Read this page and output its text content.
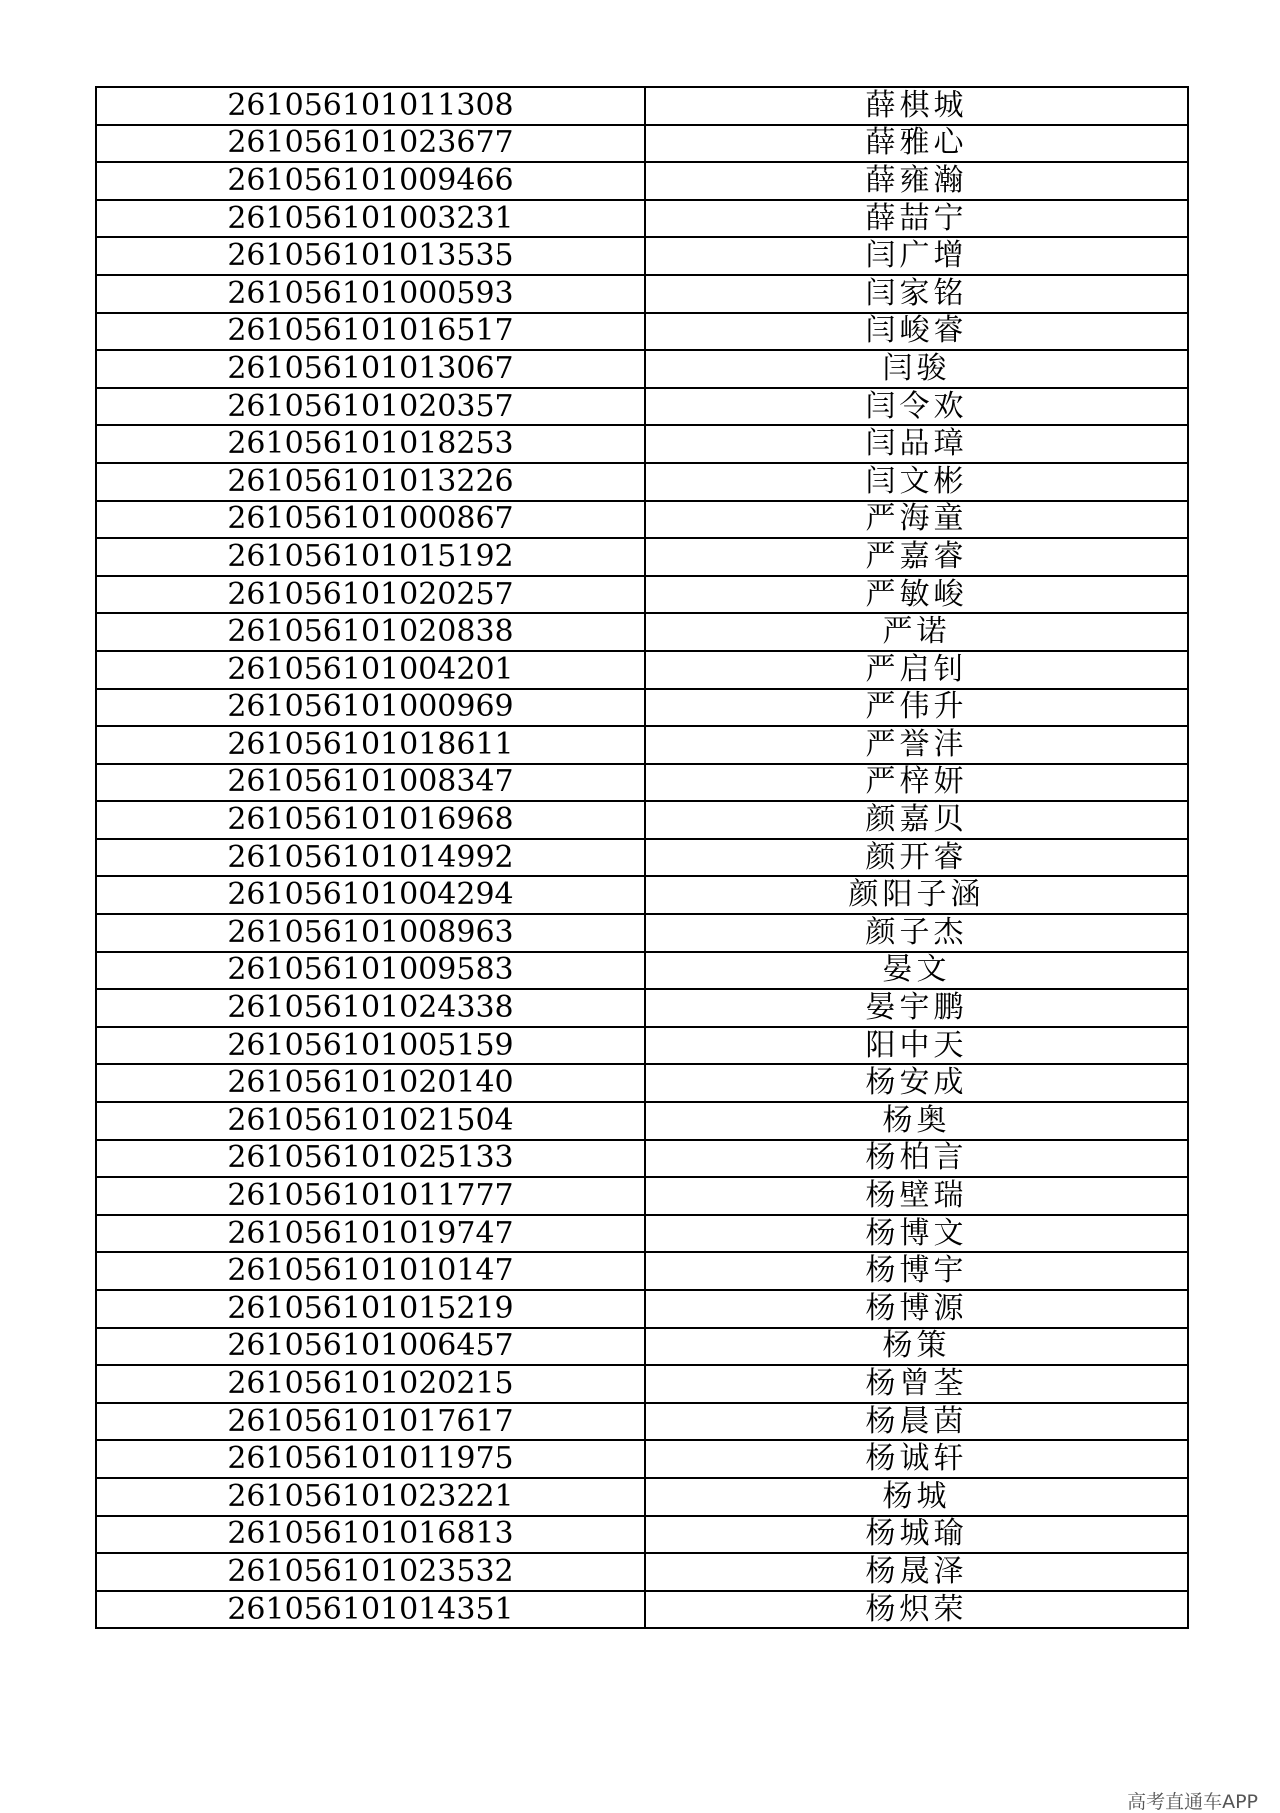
261056101011308	薛棋城
261056101023677	薛雅心
261056101009466	薛雍瀚
261056101003231	薛喆宁
261056101013535	闫广增
261056101000593	闫家铭
261056101016517	闫峻睿
261056101013067	闫骏
261056101020357	闫令欢
261056101018253	闫品璋
261056101013226	闫文彬
261056101000867	严海童
261056101015192	严嘉睿
261056101020257	严敏峻
261056101020838	严诺
261056101004201	严启钊
261056101000969	严伟升
261056101018611	严誉沣
261056101008347	严梓妍
261056101016968	颜嘉贝
261056101014992	颜开睿
261056101004294	颜阳子涵
261056101008963	颜子杰
261056101009583	晏文
261056101024338	晏宇鹏
261056101005159	阳中天
261056101020140	杨安成
261056101021504	杨奥
261056101025133	杨柏言
261056101011777	杨壁瑞
261056101019747	杨博文
261056101010147	杨博宇
261056101015219	杨博源
261056101006457	杨策
261056101020215	杨曾荃
261056101017617	杨晨茵
261056101011975	杨诚轩
261056101023221	杨城
261056101016813	杨城瑜
261056101023532	杨晟泽
261056101014351	杨炽荣
高考直通车APP
